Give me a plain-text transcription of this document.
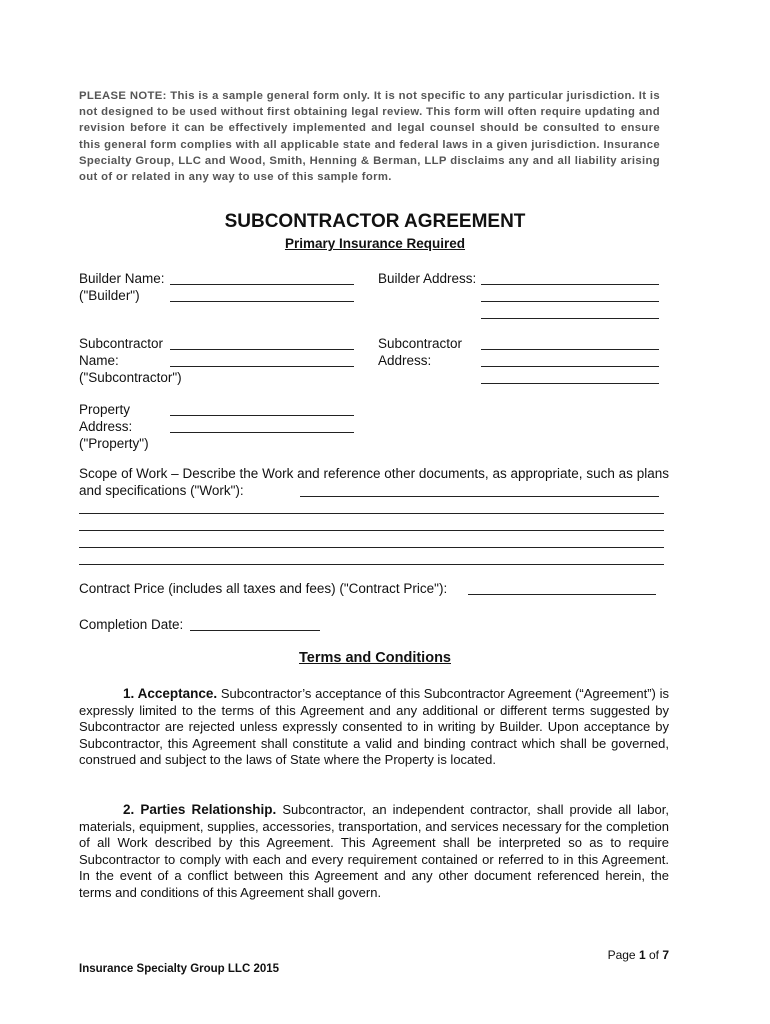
PLEASE NOTE: This is a sample general form only. It is not specific to any particular jurisdiction. It is not designed to be used without first obtaining legal review. This form will often require updating and revision before it can be effectively implemented and legal counsel should be consulted to ensure this general form complies with all applicable state and federal laws in a given jurisdiction. Insurance Specialty Group, LLC and Wood, Smith, Henning & Berman, LLP disclaims any and all liability arising out of or related in any way to use of this sample form.

SUBCONTRACTOR AGREEMENT
Primary Insurance Required
Builder Name:
("Builder")
Builder Address:
Subcontractor
Name:
("Subcontractor")
Subcontractor
Address:
Property
Address:
("Property")

Scope of Work – Describe the Work and reference other documents, as appropriate, such as plans and specifications ("Work"):

Contract Price (includes all taxes and fees) ("Contract Price"):
Completion Date:
Terms and Conditions

1. Acceptance. Subcontractor’s acceptance of this Subcontractor Agreement (“Agreement”) is expressly limited to the terms of this Agreement and any additional or different terms suggested by Subcontractor are rejected unless expressly consented to in writing by Builder. Upon acceptance by Subcontractor, this Agreement shall constitute a valid and binding contract which shall be governed, construed and subject to the laws of State where the Property is located.

2. Parties Relationship. Subcontractor, an independent contractor, shall provide all labor, materials, equipment, supplies, accessories, transportation, and services necessary for the completion of all Work described by this Agreement. This Agreement shall be interpreted so as to require Subcontractor to comply with each and every requirement contained or referred to in this Agreement. In the event of a conflict between this Agreement and any other document referenced herein, the terms and conditions of this Agreement shall govern.

Page 1 of 7
Insurance Specialty Group LLC 2015
